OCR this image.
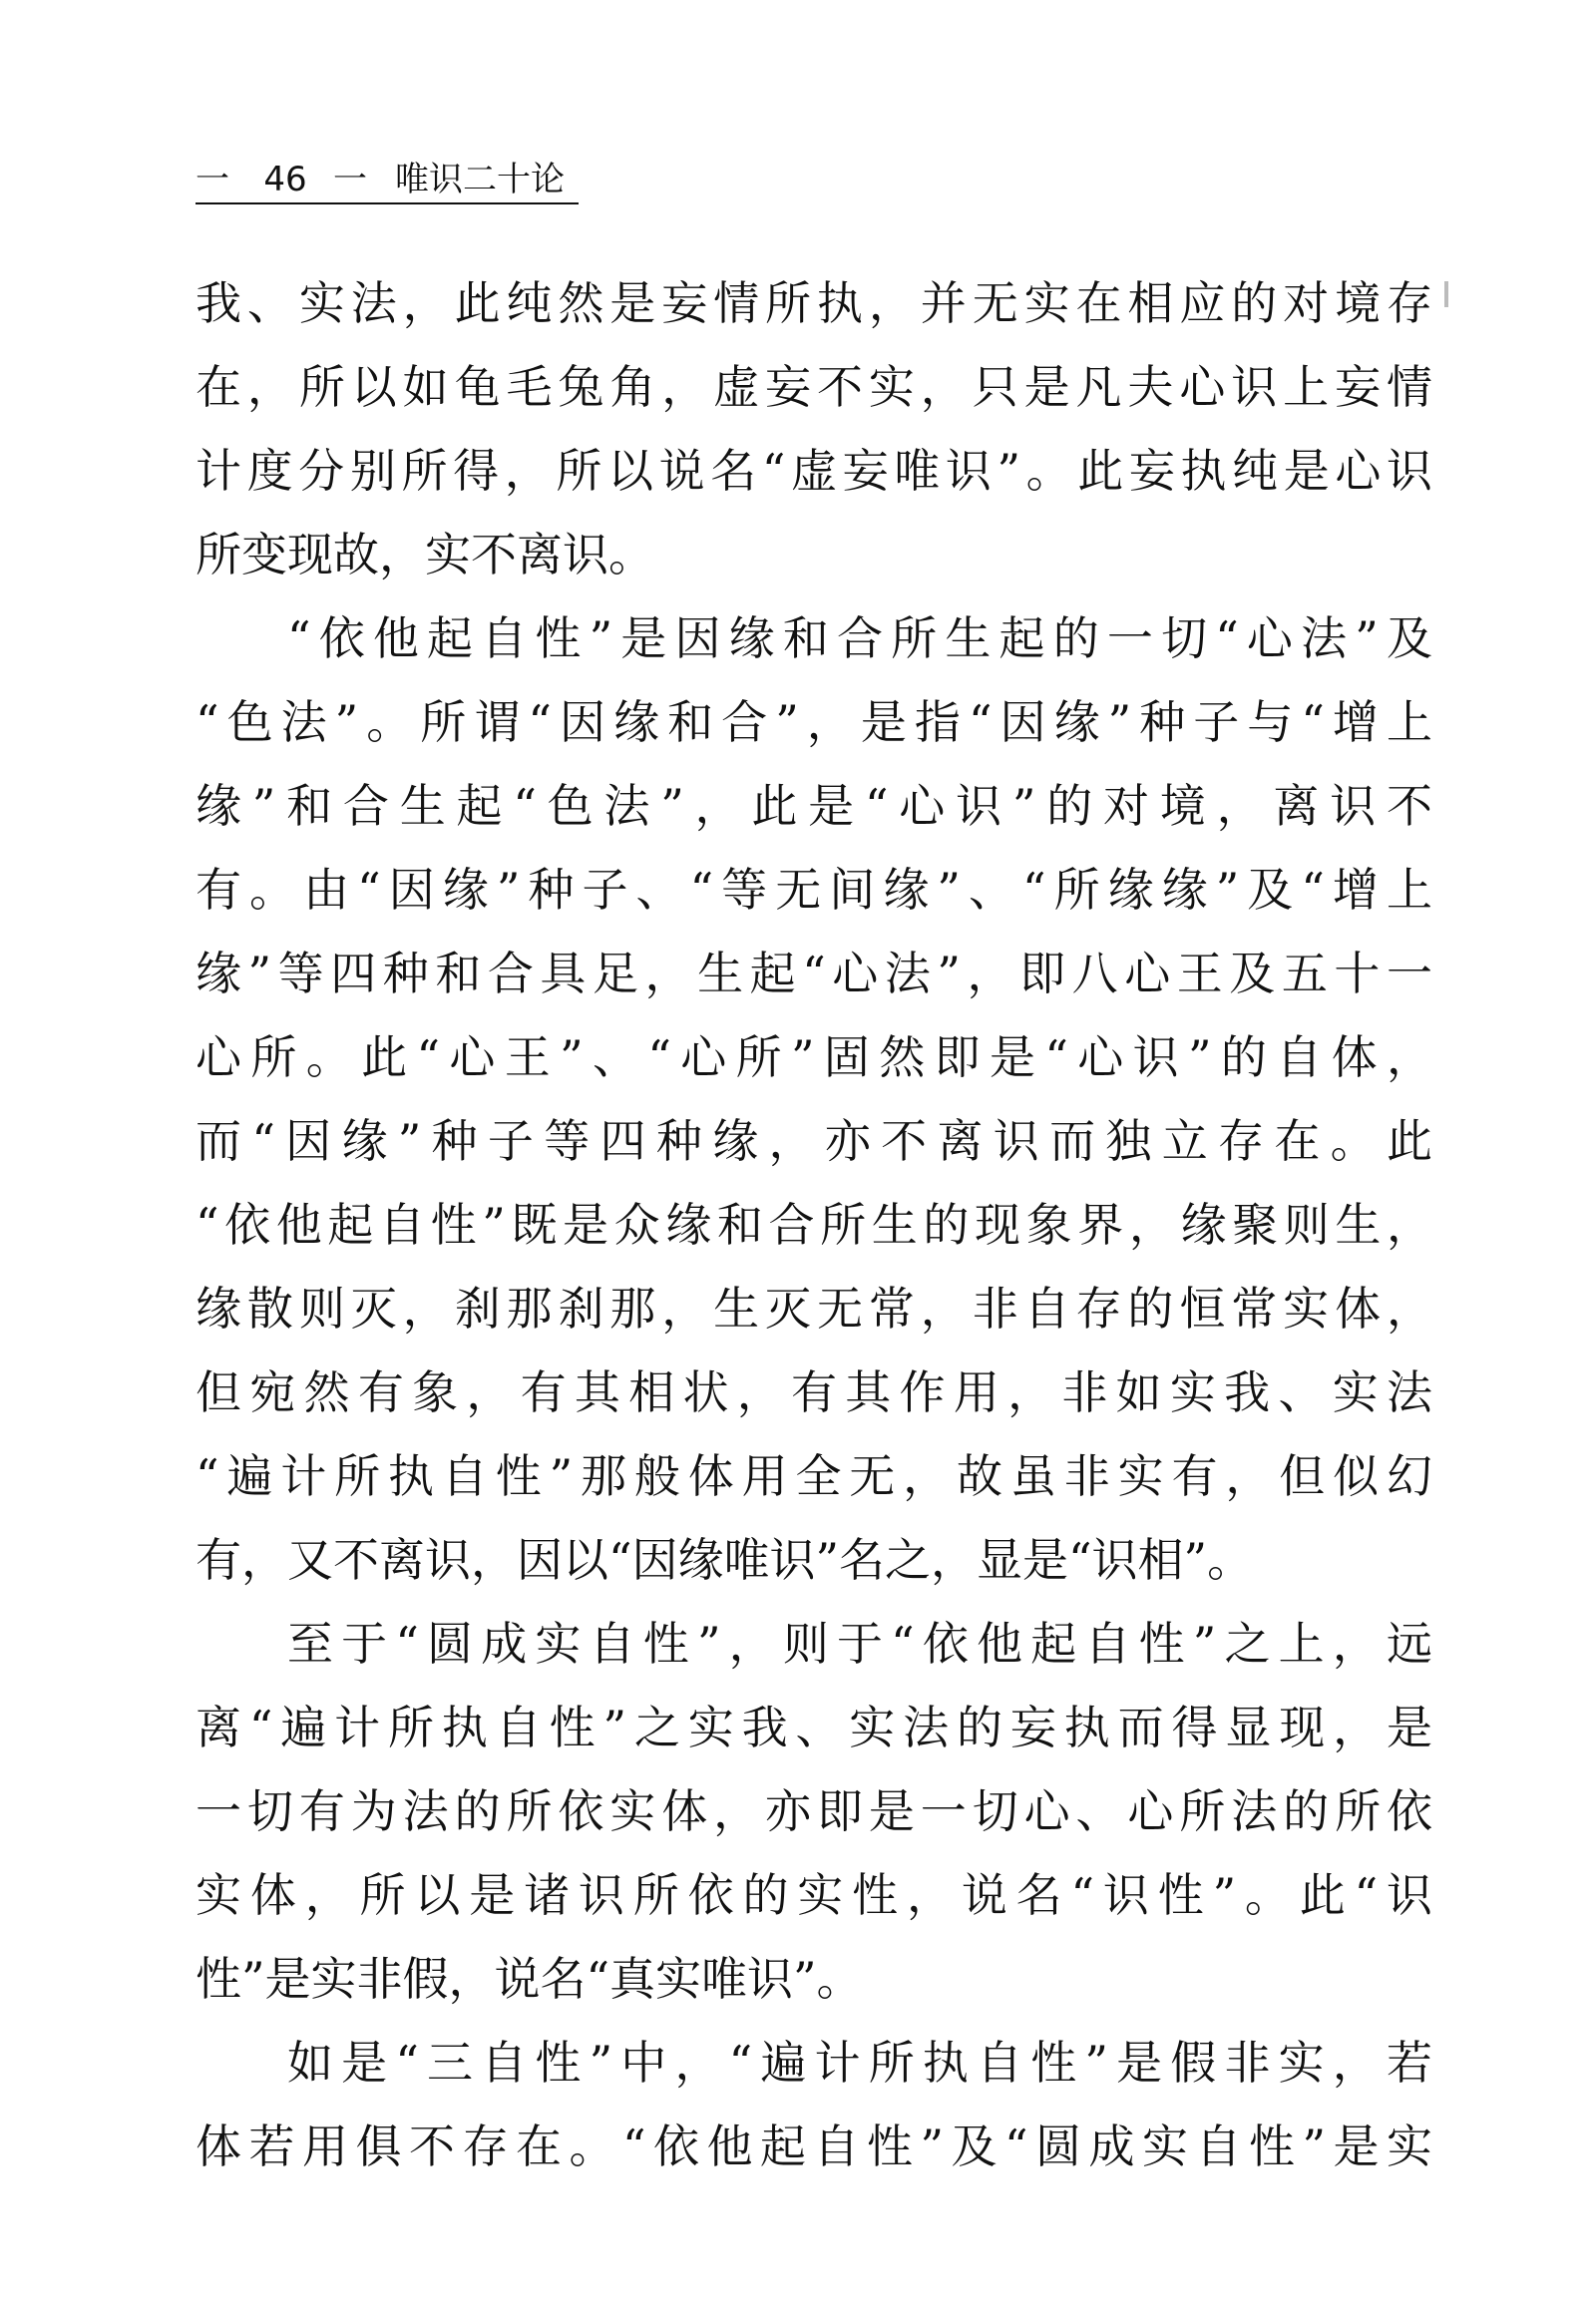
一 46 一 唯识二十论
我、实法，此纯然是妄情所执，并无实在相应的对境存
在，所以如龟毛兔角，虚妄不实，只是凡夫心识上妄情
计度分别所得，所以说名“虚妄唯识”。此妄执纯是心识
所变现故，实不离识。
“依他起自性”是因缘和合所生起的一切“心法”及
“色法”。所谓“因缘和合”，是指“因缘”种子与“增上
缘”和合生起“色法”，此是“心识”的对境，离识不
有。由“因缘”种子、“等无间缘”、“所缘缘”及“增上
缘”等四种和合具足，生起“心法”，即八心王及五十一
心所。此“心王”、“心所”固然即是“心识”的自体，
而“因缘”种子等四种缘，亦不离识而独立存在。此
“依他起自性”既是众缘和合所生的现象界，缘聚则生，
缘散则灭，刹那刹那，生灭无常，非自存的恒常实体，
但宛然有象，有其相状，有其作用，非如实我、实法
“遍计所执自性”那般体用全无，故虽非实有，但似幻
有，又不离识，因以“因缘唯识”名之，显是“识相”。
至于“圆成实自性”，则于“依他起自性”之上，远
离“遍计所执自性”之实我、实法的妄执而得显现，是
一切有为法的所依实体，亦即是一切心、心所法的所依
实体，所以是诸识所依的实性，说名“识性”。此“识
性”是实非假，说名“真实唯识”。
如是“三自性”中，“遍计所执自性”是假非实，若
体若用俱不存在。“依他起自性”及“圆成实自性”是实
